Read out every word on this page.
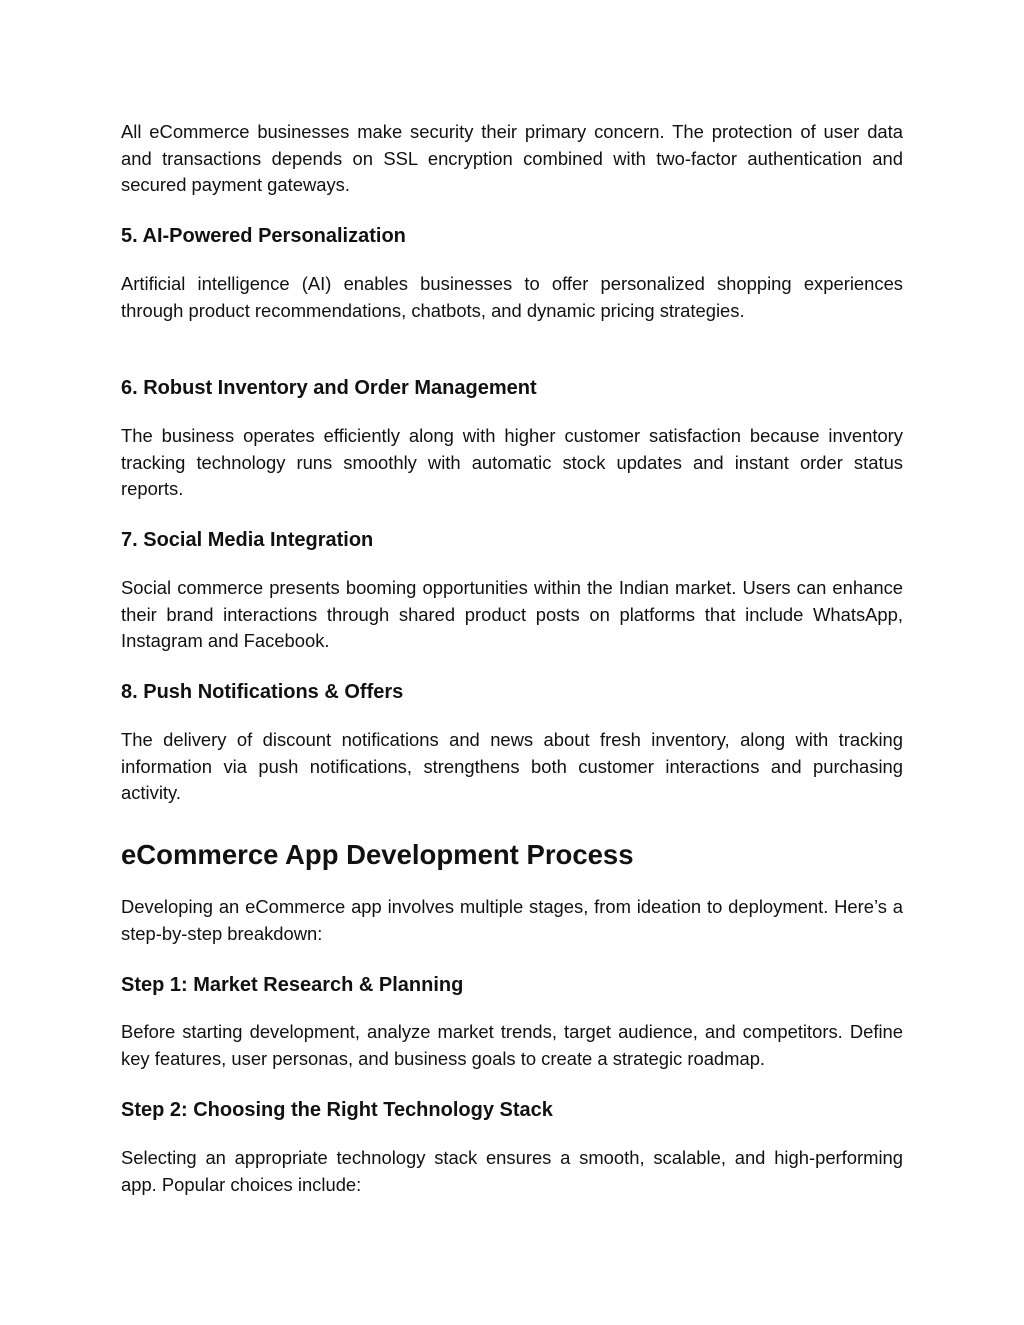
All eCommerce businesses make security their primary concern. The protection of user data and transactions depends on SSL encryption combined with two-factor authentication and secured payment gateways.

5. AI-Powered Personalization

Artificial intelligence (AI) enables businesses to offer personalized shopping experiences through product recommendations, chatbots, and dynamic pricing strategies.

6. Robust Inventory and Order Management

The business operates efficiently along with higher customer satisfaction because inventory tracking technology runs smoothly with automatic stock updates and instant order status reports.

7. Social Media Integration

Social commerce presents booming opportunities within the Indian market. Users can enhance their brand interactions through shared product posts on platforms that include WhatsApp, Instagram and Facebook.

8. Push Notifications & Offers

The delivery of discount notifications and news about fresh inventory, along with tracking information via push notifications, strengthens both customer interactions and purchasing activity.

eCommerce App Development Process

Developing an eCommerce app involves multiple stages, from ideation to deployment. Here’s a step-by-step breakdown:

Step 1: Market Research & Planning

Before starting development, analyze market trends, target audience, and competitors. Define key features, user personas, and business goals to create a strategic roadmap.

Step 2: Choosing the Right Technology Stack

Selecting an appropriate technology stack ensures a smooth, scalable, and high-performing app. Popular choices include:
